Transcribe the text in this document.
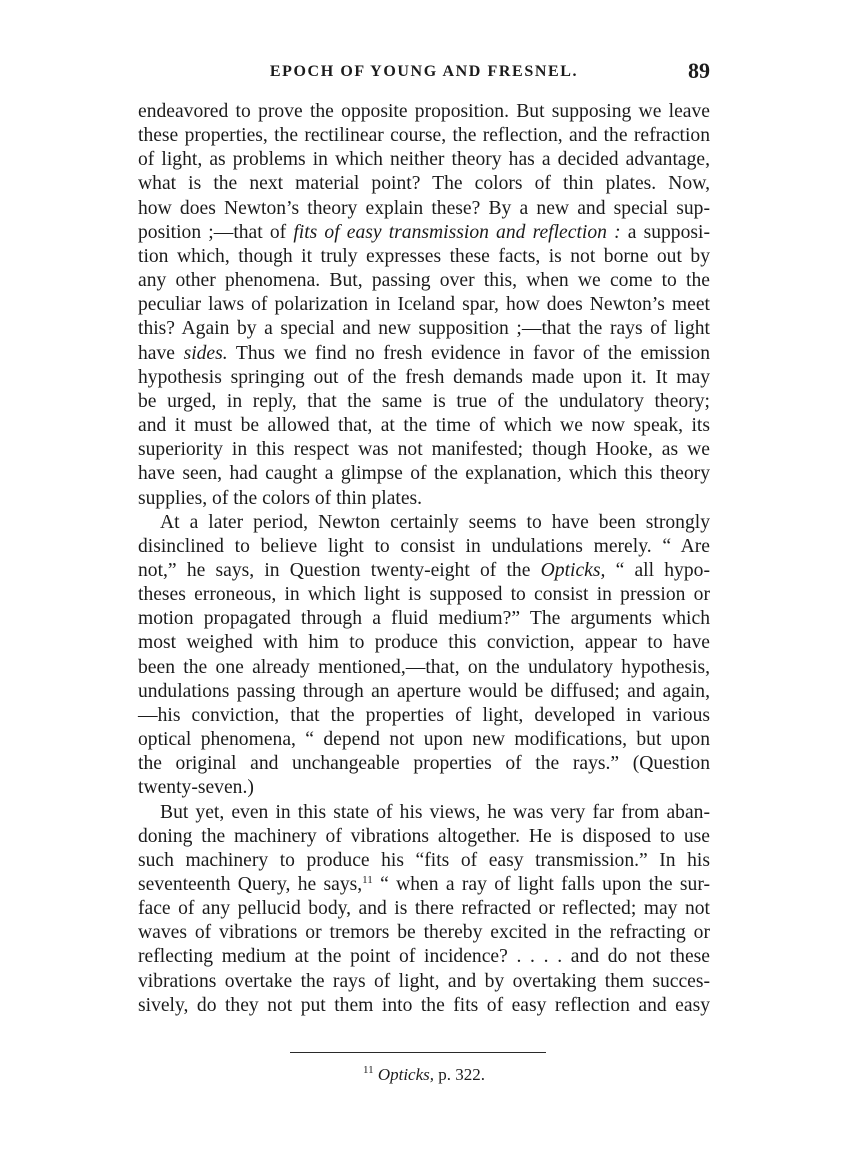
EPOCH OF YOUNG AND FRESNEL.	89

endeavored to prove the opposite proposition. But supposing we leave
these properties, the rectilinear course, the reflection, and the refraction
of light, as problems in which neither theory has a decided advantage,
what is the next material point? The colors of thin plates. Now,
how does Newton’s theory explain these? By a new and special sup-
position ;—that of fits of easy transmission and reflection : a supposi-
tion which, though it truly expresses these facts, is not borne out by
any other phenomena. But, passing over this, when we come to the
peculiar laws of polarization in Iceland spar, how does Newton’s meet
this? Again by a special and new supposition ;—that the rays of light
have sides. Thus we find no fresh evidence in favor of the emission
hypothesis springing out of the fresh demands made upon it. It may
be urged, in reply, that the same is true of the undulatory theory;
and it must be allowed that, at the time of which we now speak, its
superiority in this respect was not manifested; though Hooke, as we
have seen, had caught a glimpse of the explanation, which this theory
supplies, of the colors of thin plates.

At a later period, Newton certainly seems to have been strongly
disinclined to believe light to consist in undulations merely. “ Are
not,” he says, in Question twenty-eight of the Opticks, “ all hypo-
theses erroneous, in which light is supposed to consist in pression or
motion propagated through a fluid medium?” The arguments which
most weighed with him to produce this conviction, appear to have
been the one already mentioned,—that, on the undulatory hypothesis,
undulations passing through an aperture would be diffused; and again,
—his conviction, that the properties of light, developed in various
optical phenomena, “ depend not upon new modifications, but upon
the original and unchangeable properties of the rays.” (Question
twenty-seven.)

But yet, even in this state of his views, he was very far from aban-
doning the machinery of vibrations altogether. He is disposed to use
such machinery to produce his “fits of easy transmission.” In his
seventeenth Query, he says,$^{11}$ “ when a ray of light falls upon the sur-
face of any pellucid body, and is there refracted or reflected; may not
waves of vibrations or tremors be thereby excited in the refracting or
reflecting medium at the point of incidence? . . . . and do not these
vibrations overtake the rays of light, and by overtaking them succes-
sively, do they not put them into the fits of easy reflection and easy

$^{11}$ Opticks, p. 322.
